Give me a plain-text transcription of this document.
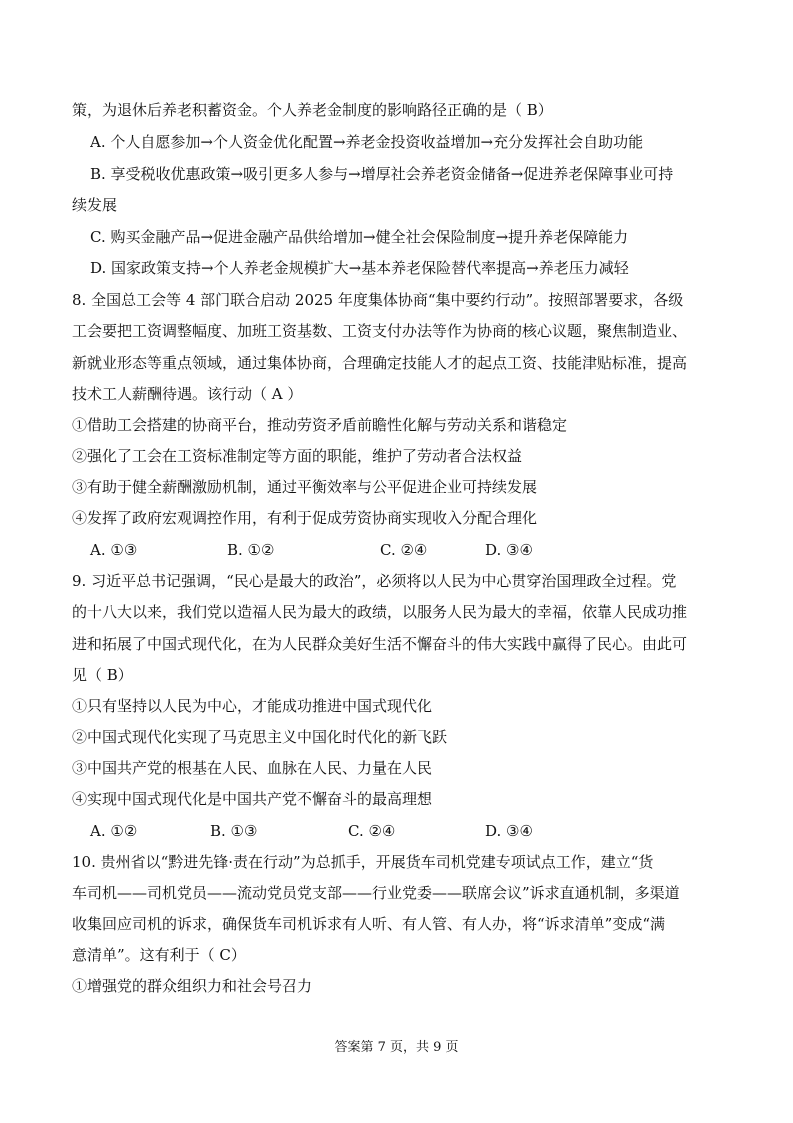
策，为退休后养老积蓄资金。个人养老金制度的影响路径正确的是（ B）
A. 个人自愿参加→个人资金优化配置→养老金投资收益增加→充分发挥社会自助功能
B. 享受税收优惠政策→吸引更多人参与→增厚社会养老资金储备→促进养老保障事业可持
续发展
C. 购买金融产品→促进金融产品供给增加→健全社会保险制度→提升养老保障能力
D. 国家政策支持→个人养老金规模扩大→基本养老保险替代率提高→养老压力减轻
8. 全国总工会等 4 部门联合启动 2025 年度集体协商“集中要约行动”。按照部署要求，各级
工会要把工资调整幅度、加班工资基数、工资支付办法等作为协商的核心议题，聚焦制造业、
新就业形态等重点领域，通过集体协商，合理确定技能人才的起点工资、技能津贴标准，提高
技术工人薪酬待遇。该行动（ A ）
①借助工会搭建的协商平台，推动劳资矛盾前瞻性化解与劳动关系和谐稳定
②强化了工会在工资标准制定等方面的职能，维护了劳动者合法权益
③有助于健全薪酬激励机制，通过平衡效率与公平促进企业可持续发展
④发挥了政府宏观调控作用，有利于促成劳资协商实现收入分配合理化
A. ①③	B. ①②	C. ②④	D. ③④
9. 习近平总书记强调，“民心是最大的政治”，必须将以人民为中心贯穿治国理政全过程。党
的十八大以来，我们党以造福人民为最大的政绩，以服务人民为最大的幸福，依靠人民成功推
进和拓展了中国式现代化，在为人民群众美好生活不懈奋斗的伟大实践中赢得了民心。由此可
见（ B）
①只有坚持以人民为中心，才能成功推进中国式现代化
②中国式现代化实现了马克思主义中国化时代化的新飞跃
③中国共产党的根基在人民、血脉在人民、力量在人民
④实现中国式现代化是中国共产党不懈奋斗的最高理想
A. ①②	B. ①③	C. ②④	D. ③④
10. 贵州省以“黔进先锋·责在行动”为总抓手，开展货车司机党建专项试点工作，建立“货
车司机——司机党员——流动党员党支部——行业党委——联席会议”诉求直通机制，多渠道
收集回应司机的诉求，确保货车司机诉求有人听、有人管、有人办，将“诉求清单”变成“满
意清单”。这有利于（ C）
①增强党的群众组织力和社会号召力
答案第 7 页，共 9 页
